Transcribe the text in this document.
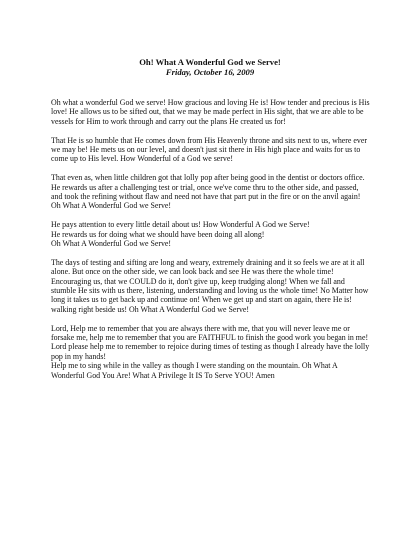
Oh! What A Wonderful God we Serve!
Friday, October 16, 2009

Oh what a wonderful God we serve! How gracious and loving He is! How tender and precious is His love! He allows us to be sifted out, that we may be made perfect in His sight, that we are able to be vessels for Him to work through and carry out the plans He created us for!

That He is so humble that He comes down from His Heavenly throne and sits next to us, where ever we may be! He mets us on our level, and doesn't just sit there in His high place and waits for us to come up to His level. How Wonderful of a God we serve!

That even as, when little children got that lolly pop after being good in the dentist or doctors office. He rewards us after a challenging test or trial, once we've come thru to the other side, and passed, and took the refining without flaw and need not have that part put in the fire or on the anvil again! Oh What A Wonderful God we Serve!

He pays attention to every little detail about us! How Wonderful A God we Serve!
He rewards us for doing what we should have been doing all along!
Oh What A Wonderful God we Serve!

The days of testing and sifting are long and weary, extremely draining and it so feels we are at it all alone. But once on the other side, we can look back and see He was there the whole time! Encouraging us, that we COULD do it, don't give up, keep trudging along! When we fall and stumble He sits with us there, listening, understanding and loving us the whole time! No Matter how long it takes us to get back up and continue on! When we get up and start on again, there He is! walking right beside us! Oh What A Wonderful God we Serve!

Lord, Help me to remember that you are always there with me, that you will never leave me or forsake me, help me to remember that you are FAITHFUL to finish the good work you began in me! Lord please help me to remember to rejoice during times of testing as though I already have the lolly pop in my hands!
Help me to sing while in the valley as though I were standing on the mountain. Oh What A Wonderful God You Are! What A Privilege It IS To Serve YOU! Amen
